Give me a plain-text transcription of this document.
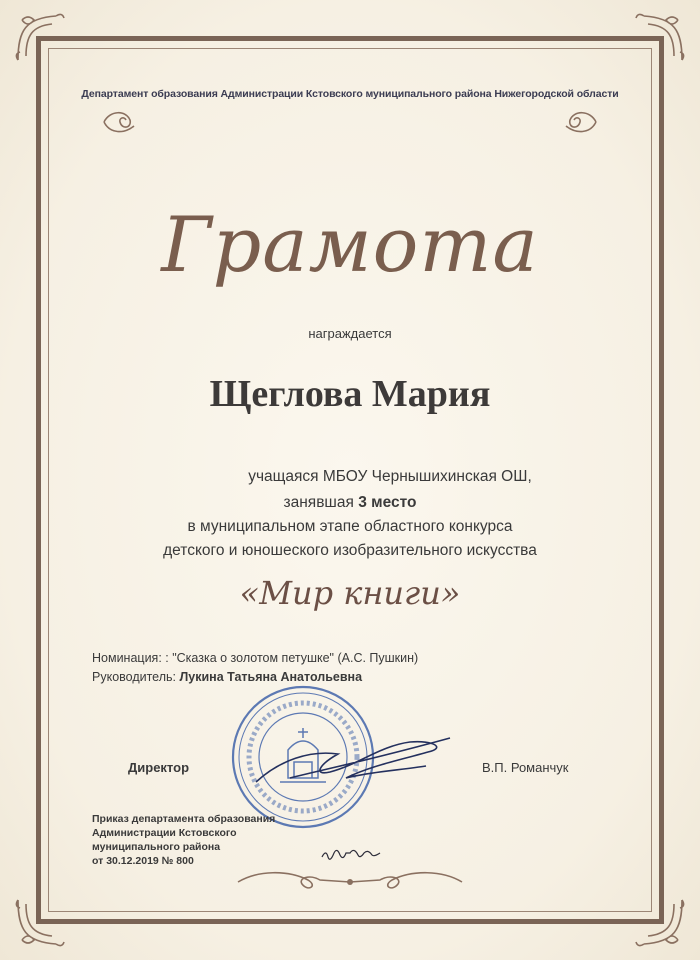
Департамент образования Администрации Кстовского муниципального района Нижегородской области
Грамота
награждается
Щеглова Мария
учащаяся МБОУ Чернышихинская ОШ,
занявшая 3 место
в муниципальном этапе областного конкурса
детского и юношеского изобразительного искусства
«Мир книги»
Номинация: : "Сказка о золотом петушке" (А.С. Пушкин)
Руководитель: Лукина Татьяна Анатольевна
Директор	В.П. Романчук
Приказ департамента образования
Администрации Кстовского
муниципального района
от 30.12.2019 № 800
